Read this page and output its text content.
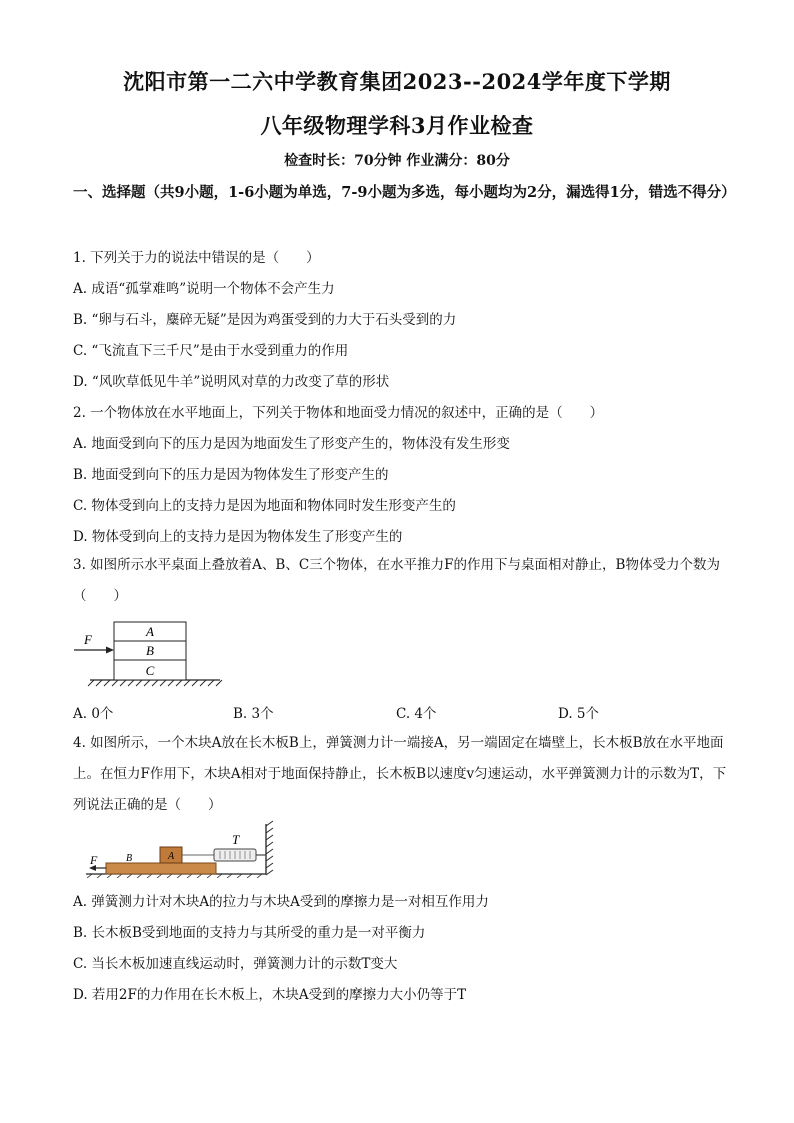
沈阳市第一二六中学教育集团2023--2024学年度下学期
八年级物理学科3月作业检查
检查时长：70分钟 作业满分：80分
一、选择题（共9小题，1-6小题为单选，7-9小题为多选，每小题均为2分，漏选得1分，错选不得分）
1. 下列关于力的说法中错误的是（　　）
A. 成语“孤掌难鸣”说明一个物体不会产生力
B. “卵与石斗，麋碎无疑”是因为鸡蛋受到的力大于石头受到的力
C. “飞流直下三千尺”是由于水受到重力的作用
D. “风吹草低见牛羊”说明风对草的力改变了草的形状
2. 一个物体放在水平地面上，下列关于物体和地面受力情况的叙述中，正确的是（　　）
A. 地面受到向下的压力是因为地面发生了形变产生的，物体没有发生形变
B. 地面受到向下的压力是因为物体发生了形变产生的
C. 物体受到向上的支持力是因为地面和物体同时发生形变产生的
D. 物体受到向上的支持力是因为物体发生了形变产生的
3. 如图所示水平桌面上叠放着A、B、C三个物体，在水平推力F的作用下与桌面相对静止，B物体受力个数为（　　）
A
B
C
F
A. 0个	B. 3个	C. 4个	D. 5个
4. 如图所示，一个木块A放在长木板B上，弹簧测力计一端接A，另一端固定在墙壁上，长木板B放在水平地面上。在恒力F作用下，木块A相对于地面保持静止，长木板B以速度v匀速运动，水平弹簧测力计的示数为T，下列说法正确的是（　　）
B	A
T
F
A. 弹簧测力计对木块A的拉力与木块A受到的摩擦力是一对相互作用力
B. 长木板B受到地面的支持力与其所受的重力是一对平衡力
C. 当长木板加速直线运动时，弹簧测力计的示数T变大
D. 若用2F的力作用在长木板上，木块A受到的摩擦力大小仍等于T
